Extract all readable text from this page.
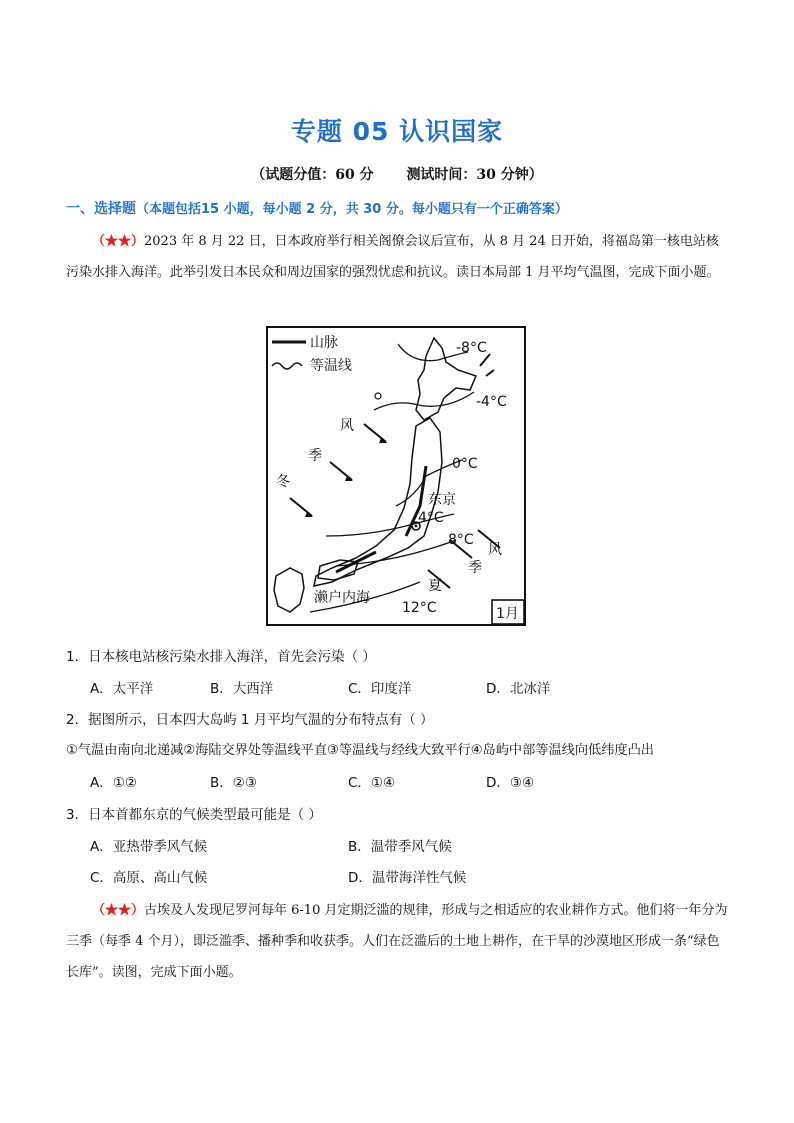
专题 05 认识国家
（试题分值：60 分 测试时间：30 分钟）
一、选择题（本题包括15 小题，每小题 2 分，共 30 分。每小题只有一个正确答案）
（★★）2023 年 8 月 22 日，日本政府举行相关阁僚会议后宣布，从 8 月 24 日开始，将福岛第一核电站核污染水排入海洋。此举引发日本民众和周边国家的强烈忧虑和抗议。读日本局部 1 月平均气温图，完成下面小题。
山脉
等温线
-8°C
-4°C
0°C
东京
4°C
8°C
12°C
濑户内海
冬
季
风
夏
季
风
1月
1．日本核电站核污染水排入海洋，首先会污染（ ）
A．太平洋	B．大西洋	C．印度洋	D．北冰洋
2．据图所示，日本四大岛屿 1 月平均气温的分布特点有（ ）
①气温由南向北递减②海陆交界处等温线平直③等温线与经线大致平行④岛屿中部等温线向低纬度凸出
A．①②	B．②③	C．①④	D．③④
3．日本首都东京的气候类型最可能是（ ）
A．亚热带季风气候	B．温带季风气候
C．高原、高山气候	D．温带海洋性气候
（★★）古埃及人发现尼罗河每年 6-10 月定期泛滥的规律，形成与之相适应的农业耕作方式。他们将一年分为三季（每季 4 个月），即泛滥季、播种季和收获季。人们在泛滥后的土地上耕作，在干旱的沙漠地区形成一条“绿色长库”。读图，完成下面小题。
